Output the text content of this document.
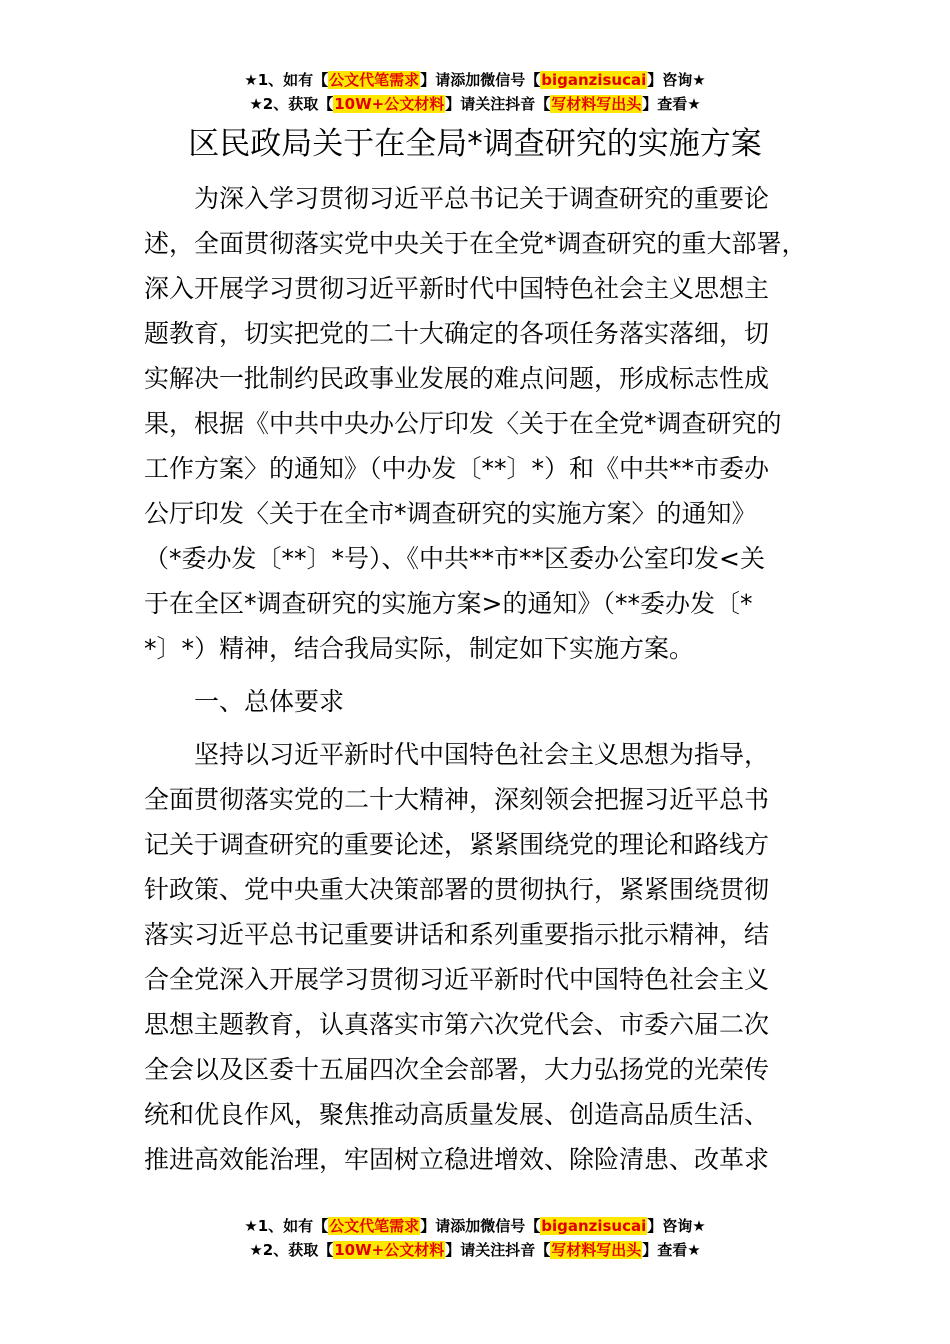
★1、如有【公文代笔需求】请添加微信号【biganzisucai】咨询★
★2、获取【10W+公文材料】请关注抖音【写材料写出头】查看★
区民政局关于在全局*调查研究的实施方案
　　为深入学习贯彻习近平总书记关于调查研究的重要论
述，全面贯彻落实党中央关于在全党*调查研究的重大部署，
深入开展学习贯彻习近平新时代中国特色社会主义思想主
题教育，切实把党的二十大确定的各项任务落实落细，切
实解决一批制约民政事业发展的难点问题，形成标志性成
果，根据《中共中央办公厅印发〈关于在全党*调查研究的
工作方案〉的通知》（中办发〔**〕*）和《中共**市委办
公厅印发〈关于在全市*调查研究的实施方案〉的通知》
（*委办发〔**〕*号）、《中共**市**区委办公室印发<关
于在全区*调查研究的实施方案>的通知》（**委办发〔*
*〕*）精神，结合我局实际，制定如下实施方案。
　　一、总体要求
　　坚持以习近平新时代中国特色社会主义思想为指导，
全面贯彻落实党的二十大精神，深刻领会把握习近平总书
记关于调查研究的重要论述，紧紧围绕党的理论和路线方
针政策、党中央重大决策部署的贯彻执行，紧紧围绕贯彻
落实习近平总书记重要讲话和系列重要指示批示精神，结
合全党深入开展学习贯彻习近平新时代中国特色社会主义
思想主题教育，认真落实市第六次党代会、市委六届二次
全会以及区委十五届四次全会部署，大力弘扬党的光荣传
统和优良作风，聚焦推动高质量发展、创造高品质生活、
推进高效能治理，牢固树立稳进增效、除险清患、改革求
★1、如有【公文代笔需求】请添加微信号【biganzisucai】咨询★
★2、获取【10W+公文材料】请关注抖音【写材料写出头】查看★
